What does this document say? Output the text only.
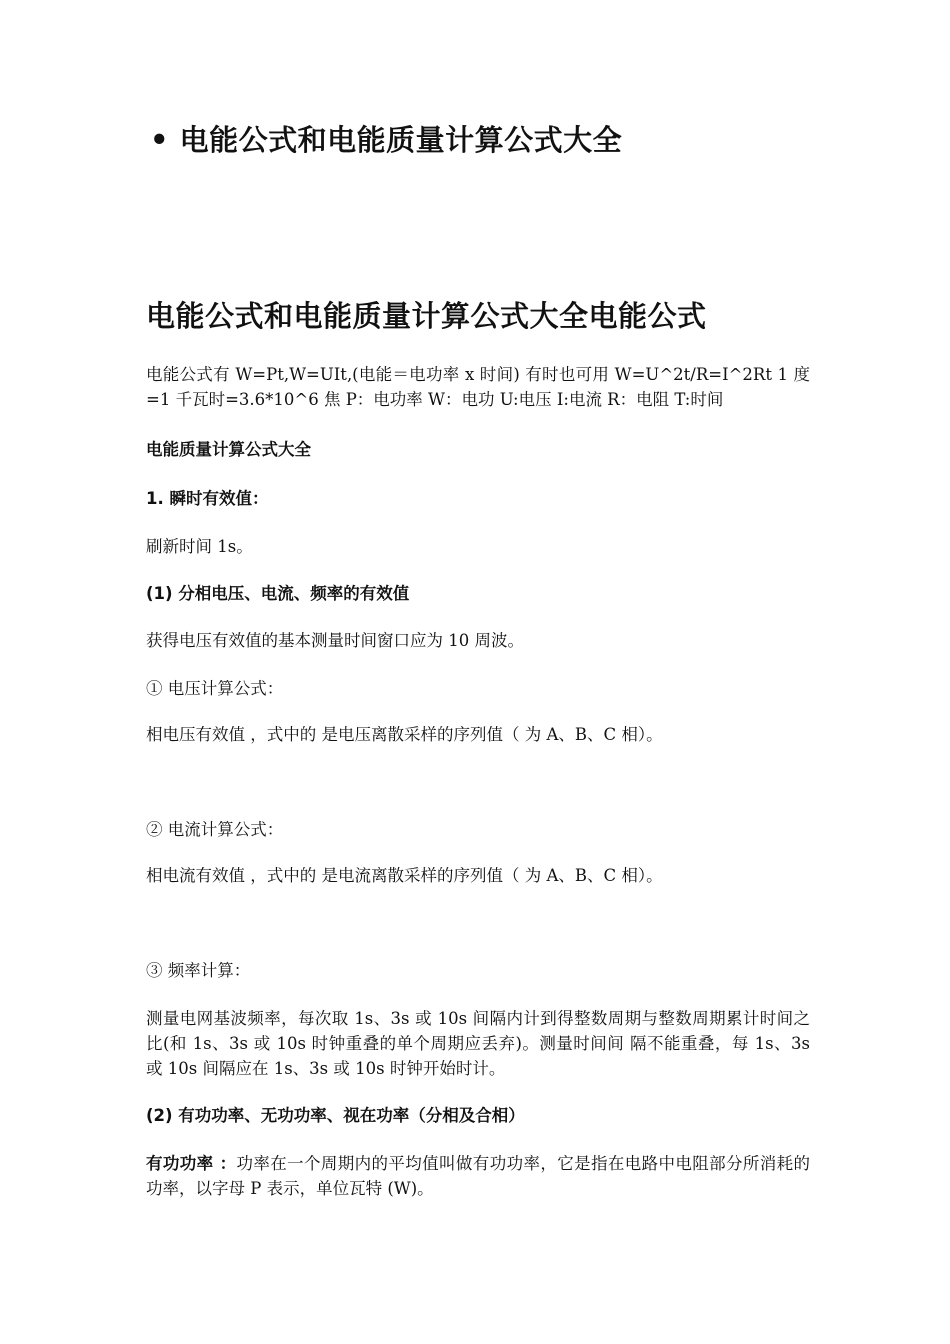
• 电能公式和电能质量计算公式大全
电能公式和电能质量计算公式大全电能公式
电能公式有 W=Pt,W=UIt,(电能＝电功率 x 时间) 有时也可用 W=U^2t/R=I^2Rt 1 度=1 千瓦时=3.6*10^6 焦 P：电功率 W：电功 U:电压 I:电流 R：电阻 T:时间
电能质量计算公式大全
1. 瞬时有效值：
刷新时间 1s。
(1) 分相电压、电流、频率的有效值
获得电压有效值的基本测量时间窗口应为 10 周波。
① 电压计算公式：
相电压有效值 ，式中的 是电压离散采样的序列值（ 为 A、B、C 相）。
② 电流计算公式：
相电流有效值 ，式中的 是电流离散采样的序列值（ 为 A、B、C 相）。
③ 频率计算：
测量电网基波频率，每次取 1s、3s 或 10s 间隔内计到得整数周期与整数周期累计时间之比(和 1s、3s 或 10s 时钟重叠的单个周期应丢弃)。测量时间间 隔不能重叠，每 1s、3s 或 10s 间隔应在 1s、3s 或 10s 时钟开始时计。
(2) 有功功率、无功功率、视在功率（分相及合相）
有功功率 ：功率在一个周期内的平均值叫做有功功率，它是指在电路中电阻部分所消耗的功率，以字母 P 表示，单位瓦特 (W)。
